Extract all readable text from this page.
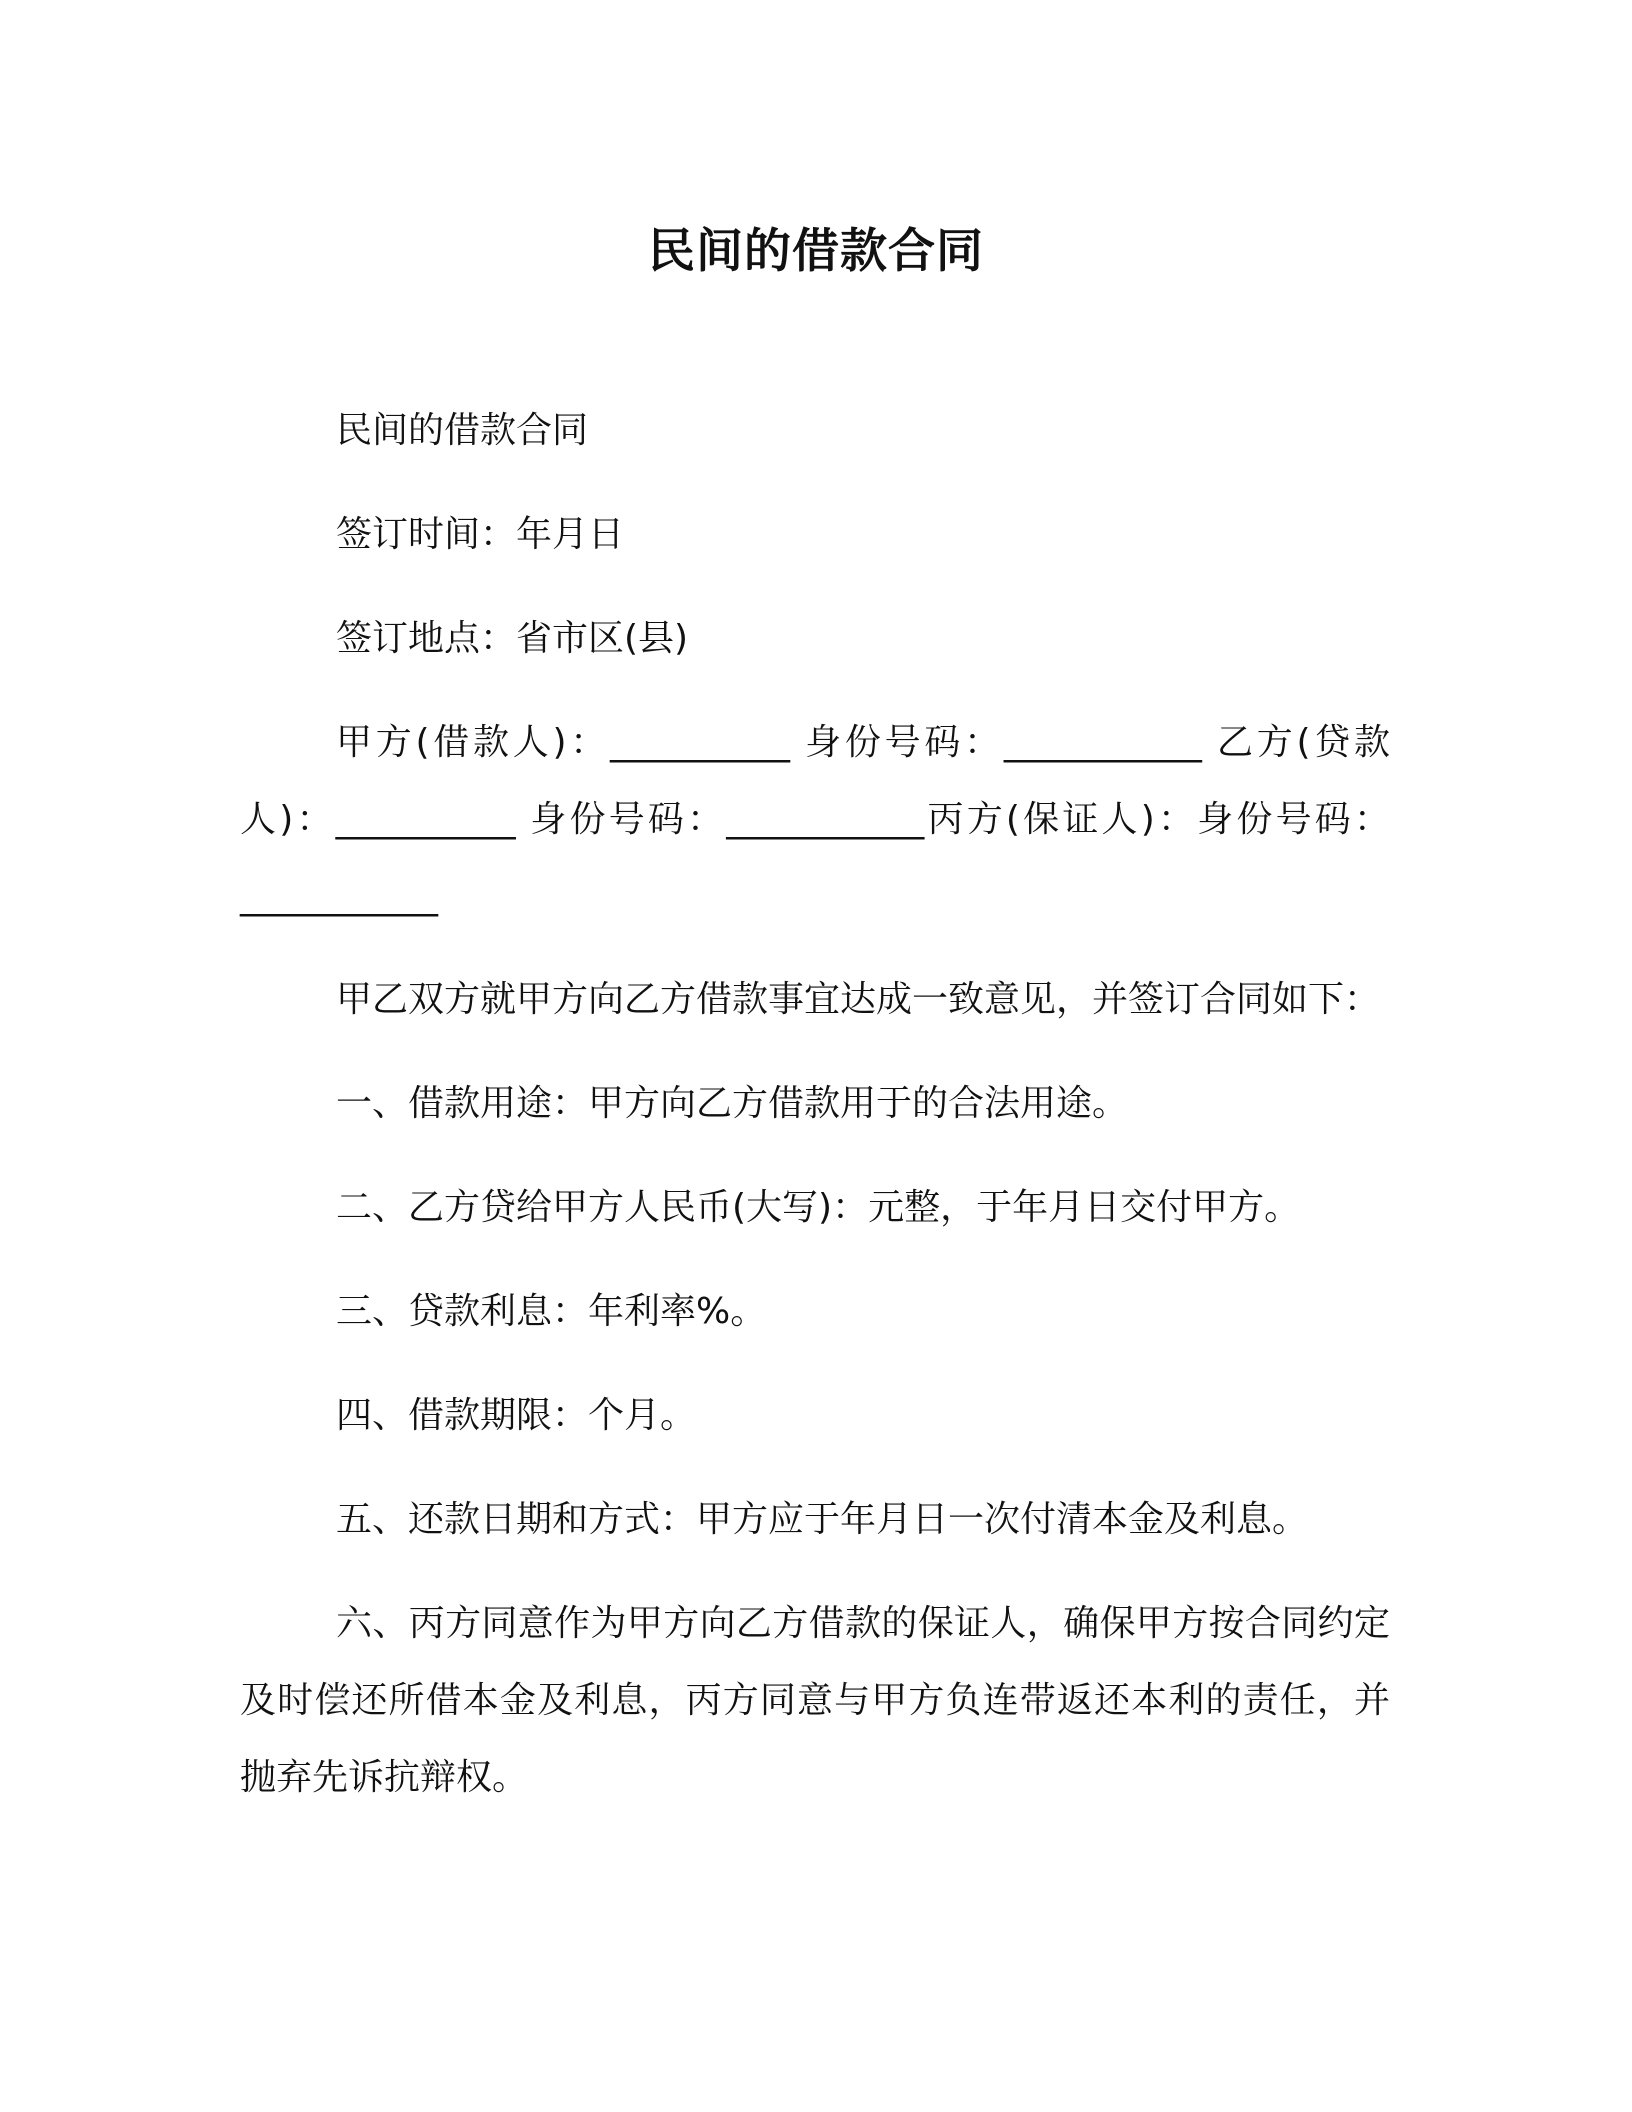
民间的借款合同

民间的借款合同

签订时间：年月日

签订地点：省市区(县)

甲方(借款人)：__________ 身份号码：___________ 乙方(贷款人)：__________ 身份号码：___________丙方(保证人)：身份号码：___________

甲乙双方就甲方向乙方借款事宜达成一致意见，并签订合同如下：

一、借款用途：甲方向乙方借款用于的合法用途。

二、乙方贷给甲方人民币(大写)：元整，于年月日交付甲方。

三、贷款利息：年利率%。

四、借款期限：个月。

五、还款日期和方式：甲方应于年月日一次付清本金及利息。

六、丙方同意作为甲方向乙方借款的保证人，确保甲方按合同约定及时偿还所借本金及利息，丙方同意与甲方负连带返还本利的责任，并抛弃先诉抗辩权。
